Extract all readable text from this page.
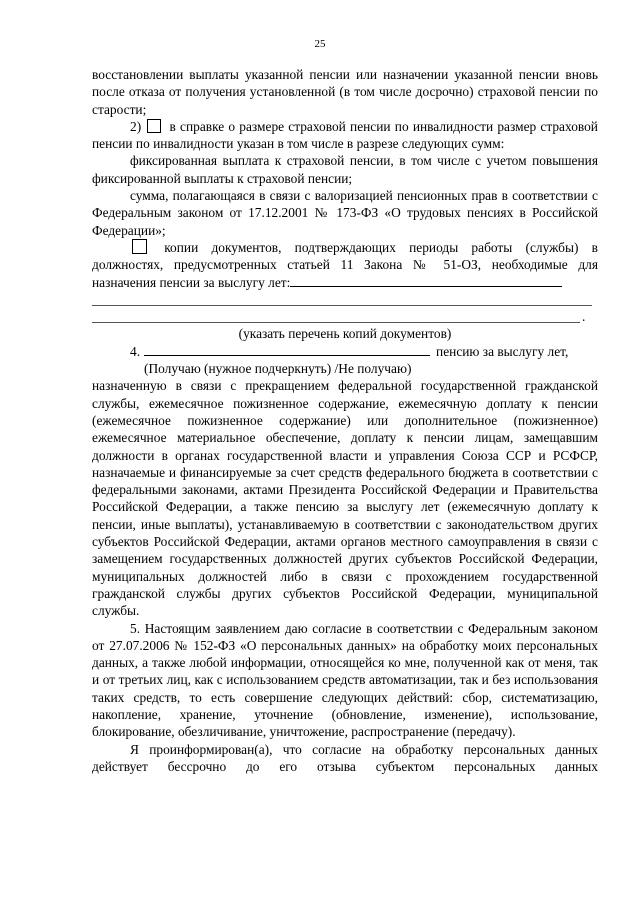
25

восстановлении выплаты указанной пенсии или назначении указанной пенсии вновь после отказа от получения установленной (в том числе досрочно) страховой пенсии по старости;

2) в справке о размере страховой пенсии по инвалидности размер страховой пенсии по инвалидности указан в том числе в разрезе следующих сумм:

фиксированная выплата к страховой пенсии, в том числе с учетом повышения фиксированной выплаты к страховой пенсии;

сумма, полагающаяся в связи с валоризацией пенсионных прав в соответствии с Федеральным законом от 17.12.2001 № 173-ФЗ «О трудовых пенсиях в Российской Федерации»;

копии документов, подтверждающих периоды работы (службы) в должностях, предусмотренных статьей 11 Закона № 51-ОЗ, необходимые для назначения пенсии за выслугу лет:

.

(указать перечень копий документов)

4.	пенсию за выслугу лет,

(Получаю (нужное подчеркнуть) /Не получаю)

назначенную в связи с прекращением федеральной государственной гражданской службы, ежемесячное пожизненное содержание, ежемесячную доплату к пенсии (ежемесячное пожизненное содержание) или дополнительное (пожизненное) ежемесячное материальное обеспечение, доплату к пенсии лицам, замещавшим должности в органах государственной власти и управления Союза ССР и РСФСР, назначаемые и финансируемые за счет средств федерального бюджета в соответствии с федеральными законами, актами Президента Российской Федерации и Правительства Российской Федерации, а также пенсию за выслугу лет (ежемесячную доплату к пенсии, иные выплаты), устанавливаемую в соответствии с законодательством других субъектов Российской Федерации, актами органов местного самоуправления в связи с замещением государственных должностей других субъектов Российской Федерации, муниципальных должностей либо в связи с прохождением государственной гражданской службы других субъектов Российской Федерации, муниципальной службы.

5. Настоящим заявлением даю согласие в соответствии с Федеральным законом от 27.07.2006 № 152-ФЗ «О персональных данных» на обработку моих персональных данных, а также любой информации, относящейся ко мне, полученной как от меня, так и от третьих лиц, как с использованием средств автоматизации, так и без использования таких средств, то есть совершение следующих действий: сбор, систематизацию, накопление, хранение, уточнение (обновление, изменение), использование, блокирование, обезличивание, уничтожение, распространение (передачу).

Я проинформирован(а), что согласие на обработку персональных данных действует бессрочно до его отзыва субъектом персональных данных
